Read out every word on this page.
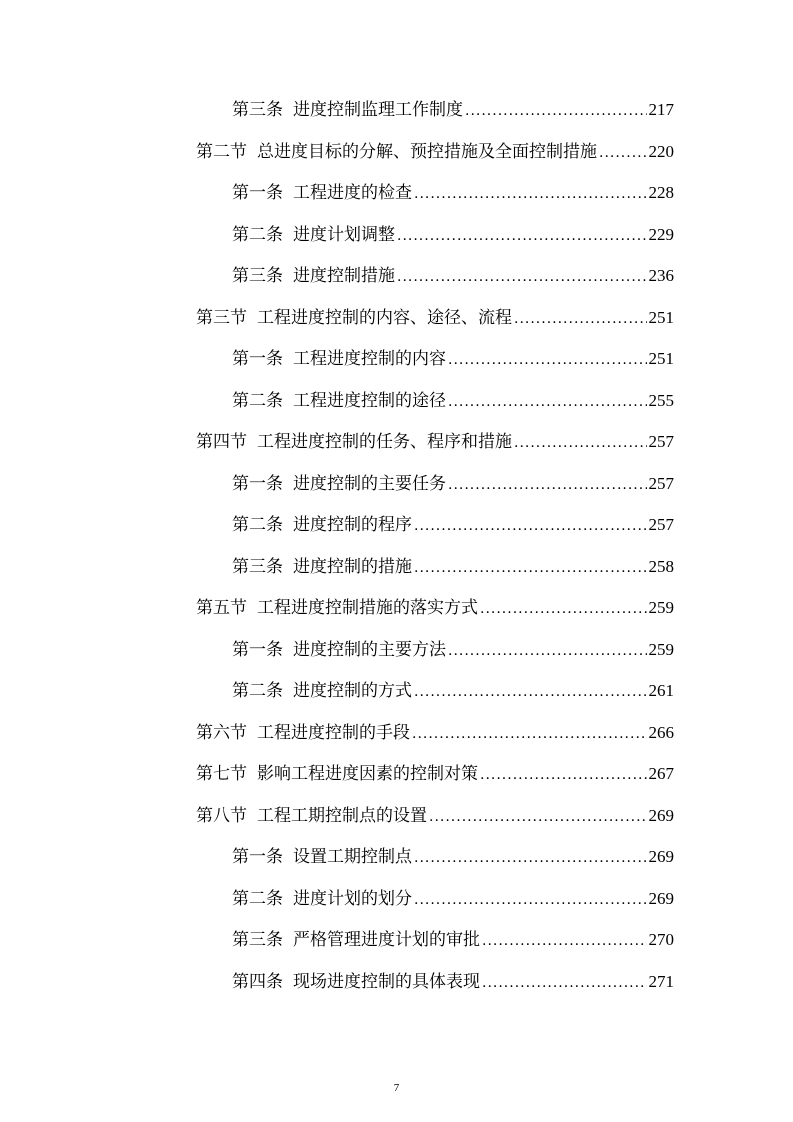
第三条 进度控制监理工作制度 .....	217
第二节 总进度目标的分解、预控措施及全面控制措施 .....	220
第一条 工程进度的检查 .....	228
第二条 进度计划调整 .....	229
第三条 进度控制措施 .....	236
第三节 工程进度控制的内容、途径、流程 .....	251
第一条 工程进度控制的内容 .....	251
第二条 工程进度控制的途径 .....	255
第四节 工程进度控制的任务、程序和措施 .....	257
第一条 进度控制的主要任务 .....	257
第二条 进度控制的程序 .....	257
第三条 进度控制的措施 .....	258
第五节 工程进度控制措施的落实方式 .....	259
第一条 进度控制的主要方法 .....	259
第二条 进度控制的方式 .....	261
第六节 工程进度控制的手段 .....	266
第七节 影响工程进度因素的控制对策 .....	267
第八节 工程工期控制点的设置 .....	269
第一条 设置工期控制点 .....	269
第二条 进度计划的划分 .....	269
第三条 严格管理进度计划的审批 .....	270
第四条 现场进度控制的具体表现 .....	271
7
